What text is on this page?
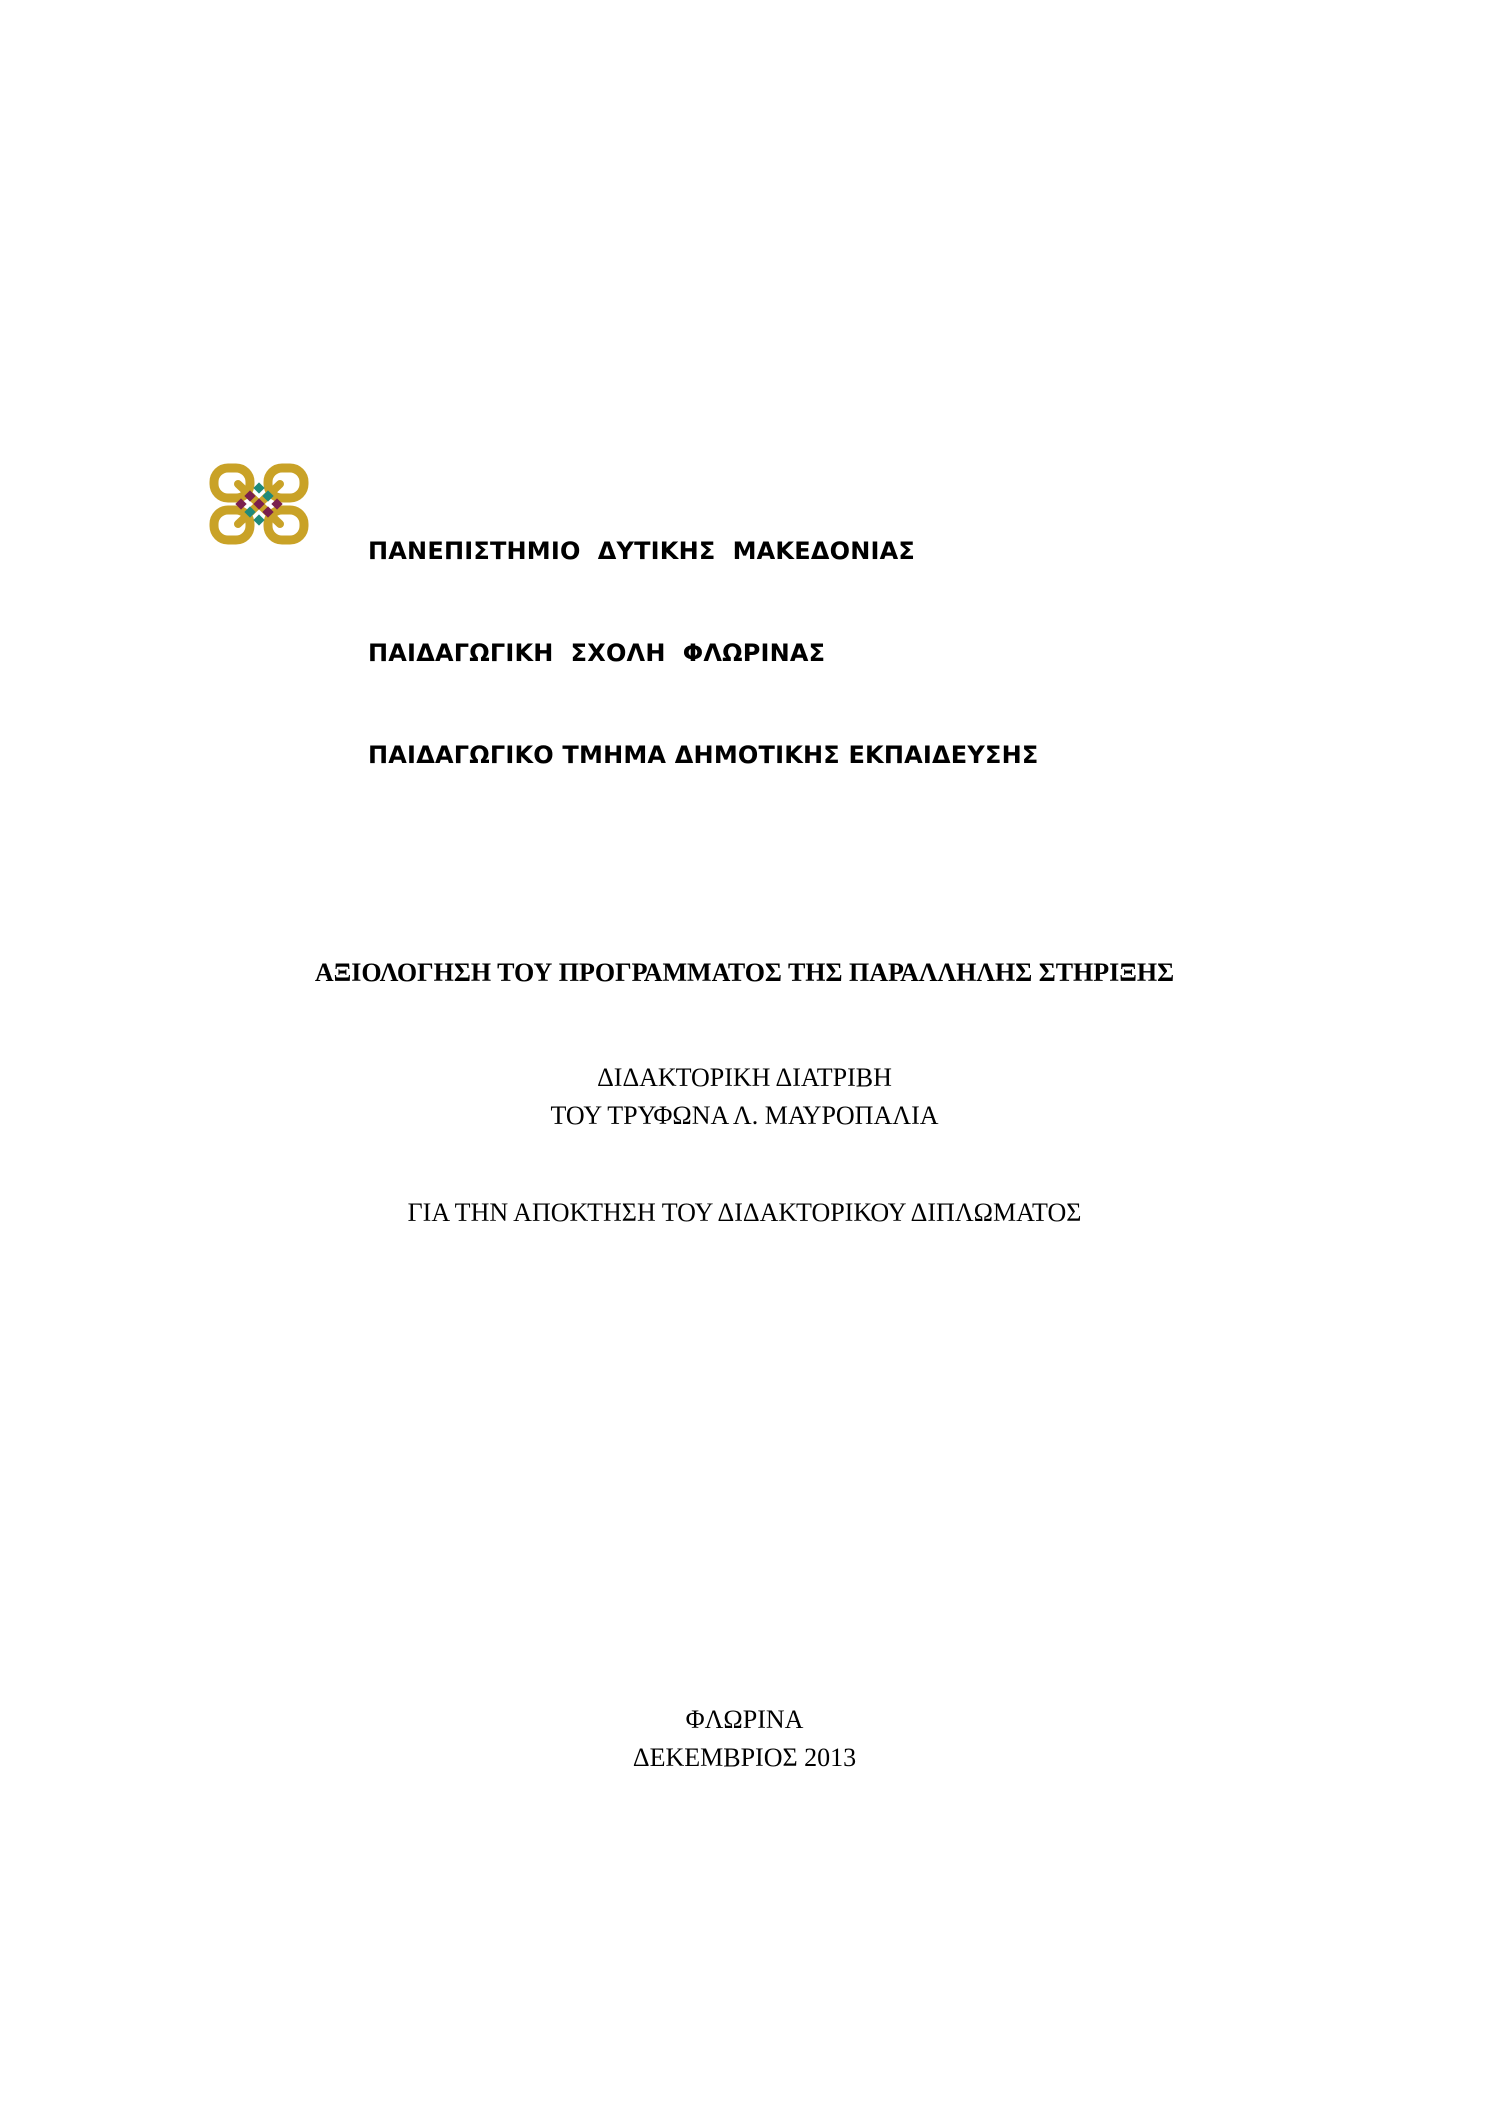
ΠΑΝΕΠΙΣΤΗΜΙΟ  ΔΥΤΙΚΗΣ  ΜΑΚΕΔΟΝΙΑΣ

ΠΑΙΔΑΓΩΓΙΚΗ  ΣΧΟΛΗ  ΦΛΩΡΙΝΑΣ

ΠΑΙΔΑΓΩΓΙΚΟ ΤΜΗΜΑ ΔΗΜΟΤΙΚΗΣ ΕΚΠΑΙΔΕΥΣΗΣ

ΑΞΙΟΛΟΓΗΣΗ ΤΟΥ ΠΡΟΓΡΑΜΜΑΤΟΣ ΤΗΣ ΠΑΡΑΛΛΗΛΗΣ ΣΤΗΡΙΞΗΣ
ΔΙΔΑΚΤΟΡΙΚΗ ΔΙΑΤΡΙΒΗ
ΤΟΥ ΤΡΥΦΩΝΑ Λ. ΜΑΥΡΟΠΑΛΙΑ
ΓΙΑ ΤΗΝ ΑΠΟΚΤΗΣΗ ΤΟΥ ΔΙΔΑΚΤΟΡΙΚΟΥ ΔΙΠΛΩΜΑΤΟΣ
ΦΛΩΡΙΝΑ
ΔΕΚΕΜΒΡΙΟΣ 2013
